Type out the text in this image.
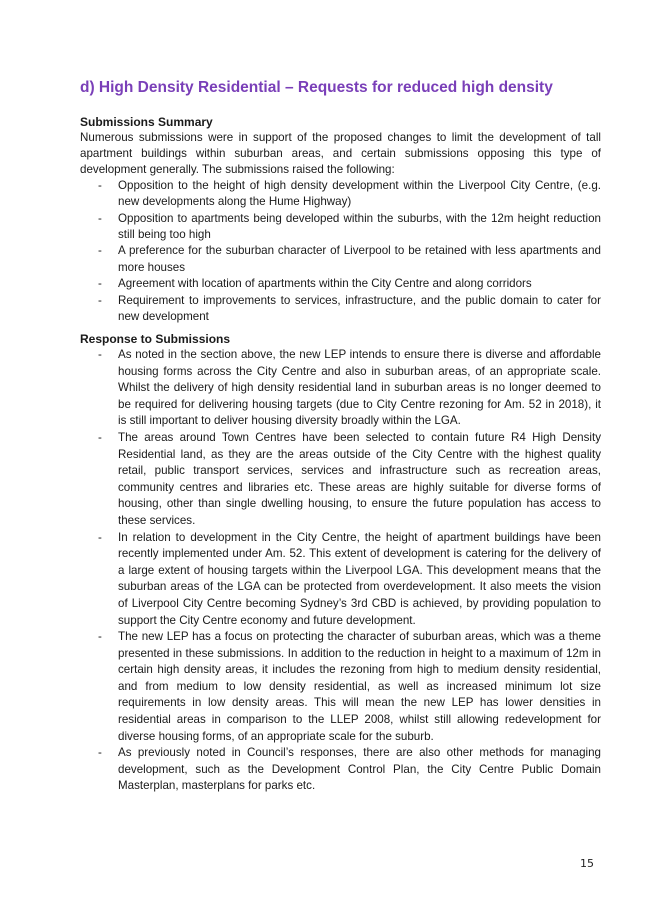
d) High Density Residential – Requests for reduced high density

Submissions Summary

Numerous submissions were in support of the proposed changes to limit the development of tall apartment buildings within suburban areas, and certain submissions opposing this type of development generally. The submissions raised the following:

- Opposition to the height of high density development within the Liverpool City Centre, (e.g. new developments along the Hume Highway)
- Opposition to apartments being developed within the suburbs, with the 12m height reduction still being too high
- A preference for the suburban character of Liverpool to be retained with less apartments and more houses
- Agreement with location of apartments within the City Centre and along corridors
- Requirement to improvements to services, infrastructure, and the public domain to cater for new development

Response to Submissions

- As noted in the section above, the new LEP intends to ensure there is diverse and affordable housing forms across the City Centre and also in suburban areas, of an appropriate scale. Whilst the delivery of high density residential land in suburban areas is no longer deemed to be required for delivering housing targets (due to City Centre rezoning for Am. 52 in 2018), it is still important to deliver housing diversity broadly within the LGA.
- The areas around Town Centres have been selected to contain future R4 High Density Residential land, as they are the areas outside of the City Centre with the highest quality retail, public transport services, services and infrastructure such as recreation areas, community centres and libraries etc. These areas are highly suitable for diverse forms of housing, other than single dwelling housing, to ensure the future population has access to these services.
- In relation to development in the City Centre, the height of apartment buildings have been recently implemented under Am. 52. This extent of development is catering for the delivery of a large extent of housing targets within the Liverpool LGA. This development means that the suburban areas of the LGA can be protected from overdevelopment. It also meets the vision of Liverpool City Centre becoming Sydney’s 3rd CBD is achieved, by providing population to support the City Centre economy and future development.
- The new LEP has a focus on protecting the character of suburban areas, which was a theme presented in these submissions. In addition to the reduction in height to a maximum of 12m in certain high density areas, it includes the rezoning from high to medium density residential, and from medium to low density residential, as well as increased minimum lot size requirements in low density areas. This will mean the new LEP has lower densities in residential areas in comparison to the LLEP 2008, whilst still allowing redevelopment for diverse housing forms, of an appropriate scale for the suburb.
- As previously noted in Council’s responses, there are also other methods for managing development, such as the Development Control Plan, the City Centre Public Domain Masterplan, masterplans for parks etc.
15
